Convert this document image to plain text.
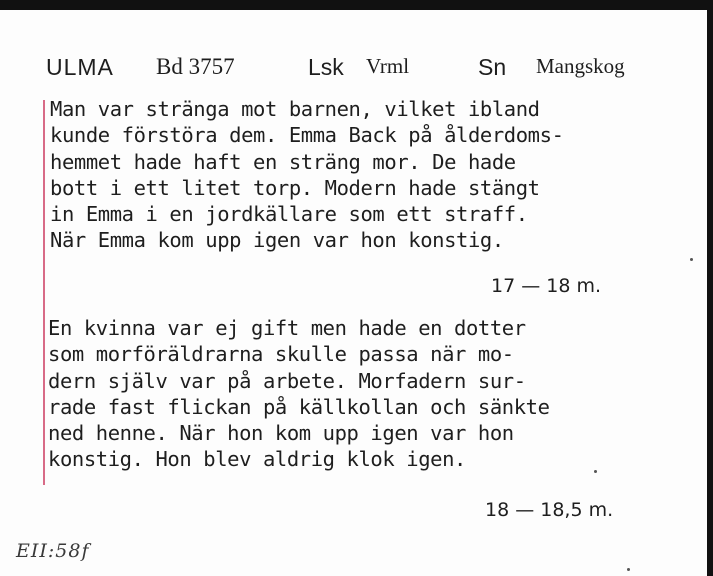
ULMA Bd 3757	Lsk Vrml	Sn Mangskog
Man var stränga mot barnen, vilket ibland
kunde förstöra dem. Emma Back på ålderdoms-
hemmet hade haft en sträng mor. De hade
bott i ett litet torp. Modern hade stängt
in Emma i en jordkällare som ett straff.
När Emma kom upp igen var hon konstig.
17 — 18 m.
En kvinna var ej gift men hade en dotter
som morföräldrarna skulle passa när mo-
dern själv var på arbete. Morfadern sur-
rade fast flickan på källkollan och sänkte
ned henne. När hon kom upp igen var hon
konstig. Hon blev aldrig klok igen.
18 — 18,5 m.
EII:58f
